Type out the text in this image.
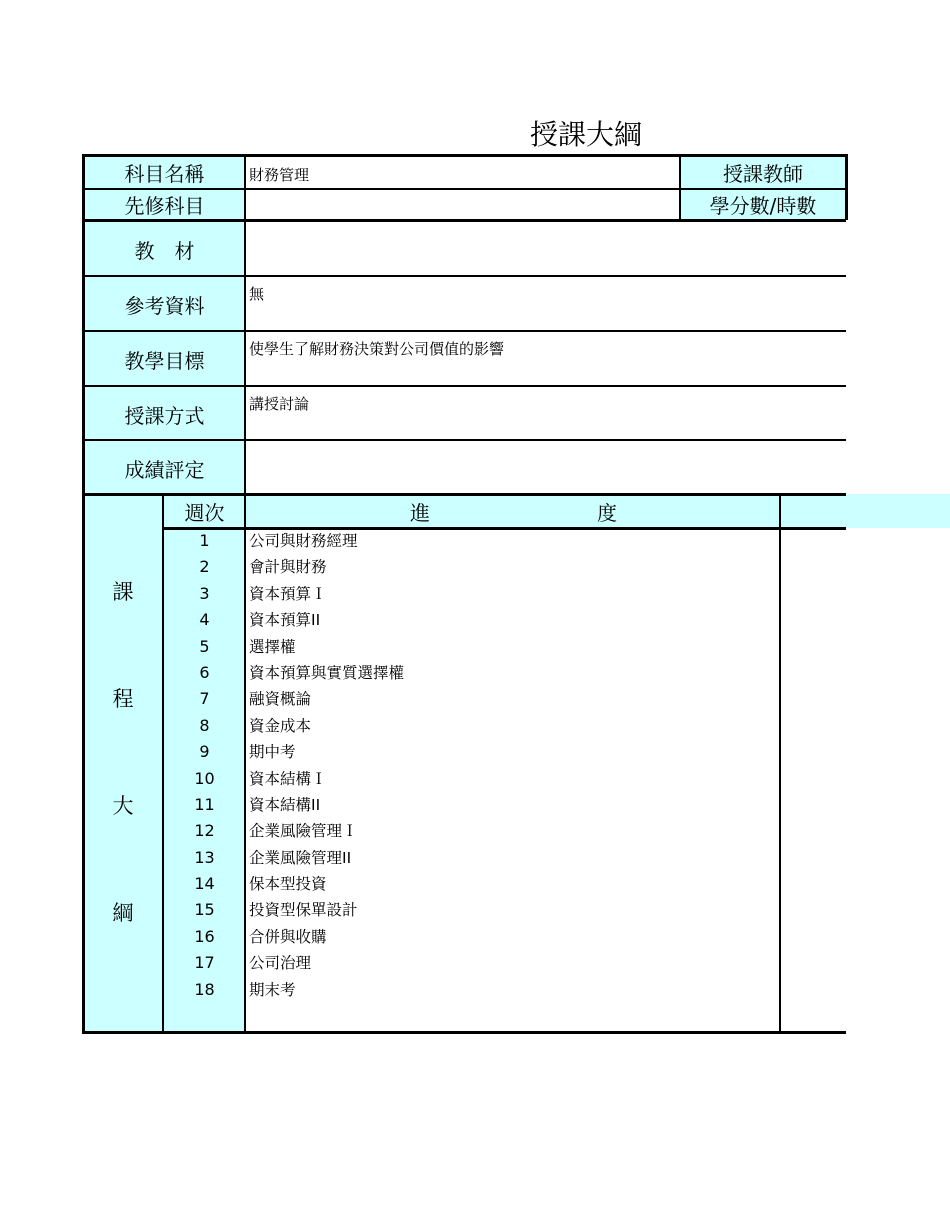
授課大綱
科目名稱
先修科目
教　材
參考資料
教學目標
授課方式
成績評定
授課教師
學分數/時數
財務管理
無
使學生了解財務決策對公司價值的影響
講授討論
週次	進	度
課
程
大
綱
1
2
3
4
5
6
7
8
9
10
11
12
13
14
15
16
17
18
公司與財務經理
會計與財務
資本預算Ｉ
資本預算II
選擇權
資本預算與實質選擇權
融資概論
資金成本
期中考
資本結構Ｉ
資本結構II
企業風險管理Ｉ
企業風險管理II
保本型投資
投資型保單設計
合併與收購
公司治理
期末考
